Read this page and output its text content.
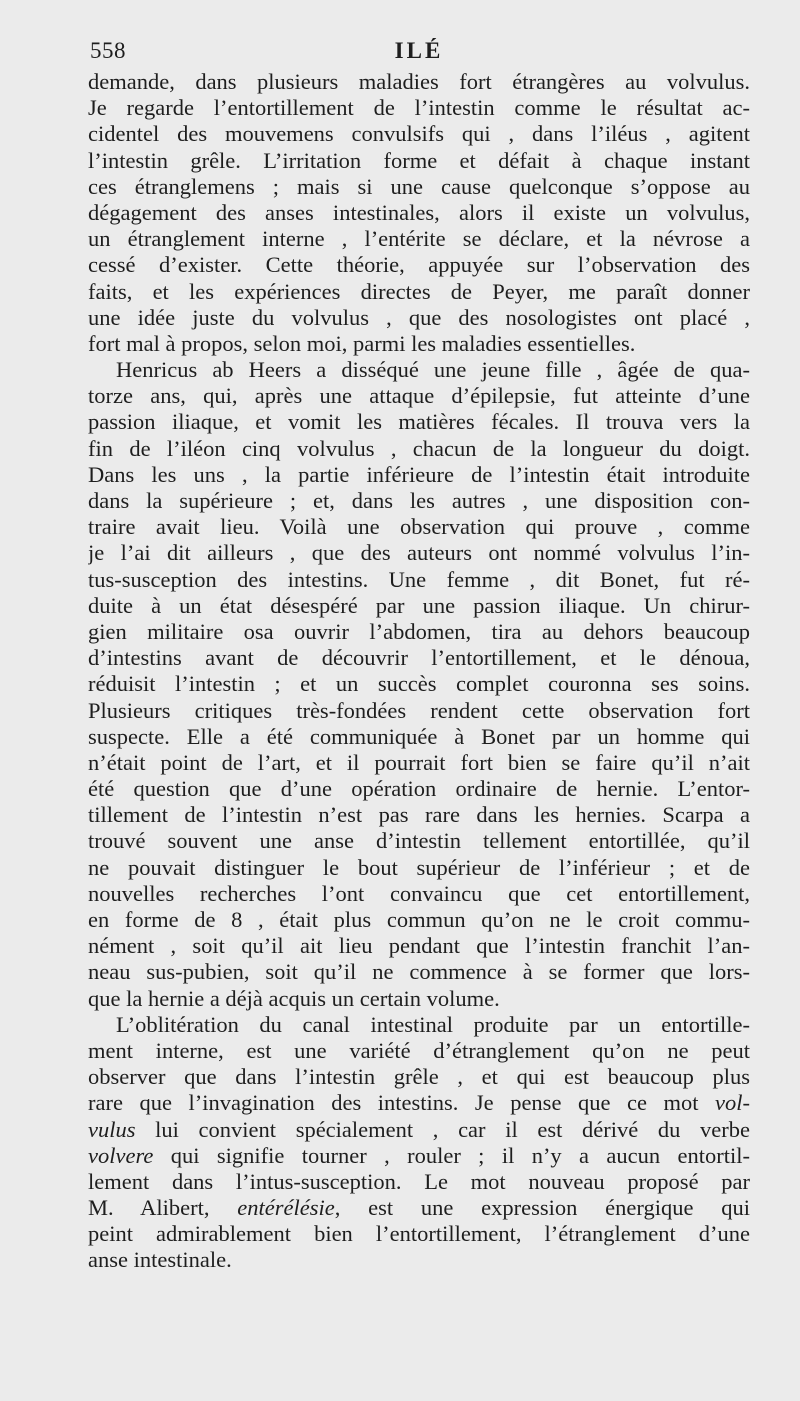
558	ILÉ
demande, dans plusieurs maladies fort étrangères au volvulus.
Je regarde l’entortillement de l’intestin comme le résultat ac-
cidentel des mouvemens convulsifs qui , dans l’iléus , agitent
l’intestin grêle. L’irritation forme et défait à chaque instant
ces étranglemens ; mais si une cause quelconque s’oppose au
dégagement des anses intestinales, alors il existe un volvulus,
un étranglement interne , l’entérite se déclare, et la névrose a
cessé d’exister. Cette théorie, appuyée sur l’observation des
faits, et les expériences directes de Peyer, me paraît donner
une idée juste du volvulus , que des nosologistes ont placé ,
fort mal à propos, selon moi, parmi les maladies essentielles.
Henricus ab Heers a disséqué une jeune fille , âgée de qua-
torze ans, qui, après une attaque d’épilepsie, fut atteinte d’une
passion iliaque, et vomit les matières fécales. Il trouva vers la
fin de l’iléon cinq volvulus , chacun de la longueur du doigt.
Dans les uns , la partie inférieure de l’intestin était introduite
dans la supérieure ; et, dans les autres , une disposition con-
traire avait lieu. Voilà une observation qui prouve , comme
je l’ai dit ailleurs , que des auteurs ont nommé volvulus l’in-
tus-susception des intestins. Une femme , dit Bonet, fut ré-
duite à un état désespéré par une passion iliaque. Un chirur-
gien militaire osa ouvrir l’abdomen, tira au dehors beaucoup
d’intestins avant de découvrir l’entortillement, et le dénoua,
réduisit l’intestin ; et un succès complet couronna ses soins.
Plusieurs critiques très-fondées rendent cette observation fort
suspecte. Elle a été communiquée à Bonet par un homme qui
n’était point de l’art, et il pourrait fort bien se faire qu’il n’ait
été question que d’une opération ordinaire de hernie. L’entor-
tillement de l’intestin n’est pas rare dans les hernies. Scarpa a
trouvé souvent une anse d’intestin tellement entortillée, qu’il
ne pouvait distinguer le bout supérieur de l’inférieur ; et de
nouvelles recherches l’ont convaincu que cet entortillement,
en forme de 8 , était plus commun qu’on ne le croit commu-
nément , soit qu’il ait lieu pendant que l’intestin franchit l’an-
neau sus-pubien, soit qu’il ne commence à se former que lors-
que la hernie a déjà acquis un certain volume.
L’oblitération du canal intestinal produite par un entortille-
ment interne, est une variété d’étranglement qu’on ne peut
observer que dans l’intestin grêle , et qui est beaucoup plus
rare que l’invagination des intestins. Je pense que ce mot vol-
vulus lui convient spécialement , car il est dérivé du verbe
volvere qui signifie tourner , rouler ; il n’y a aucun entortil-
lement dans l’intus-susception. Le mot nouveau proposé par
M. Alibert, entérélésie, est une expression énergique qui
peint admirablement bien l’entortillement, l’étranglement d’une
anse intestinale.
